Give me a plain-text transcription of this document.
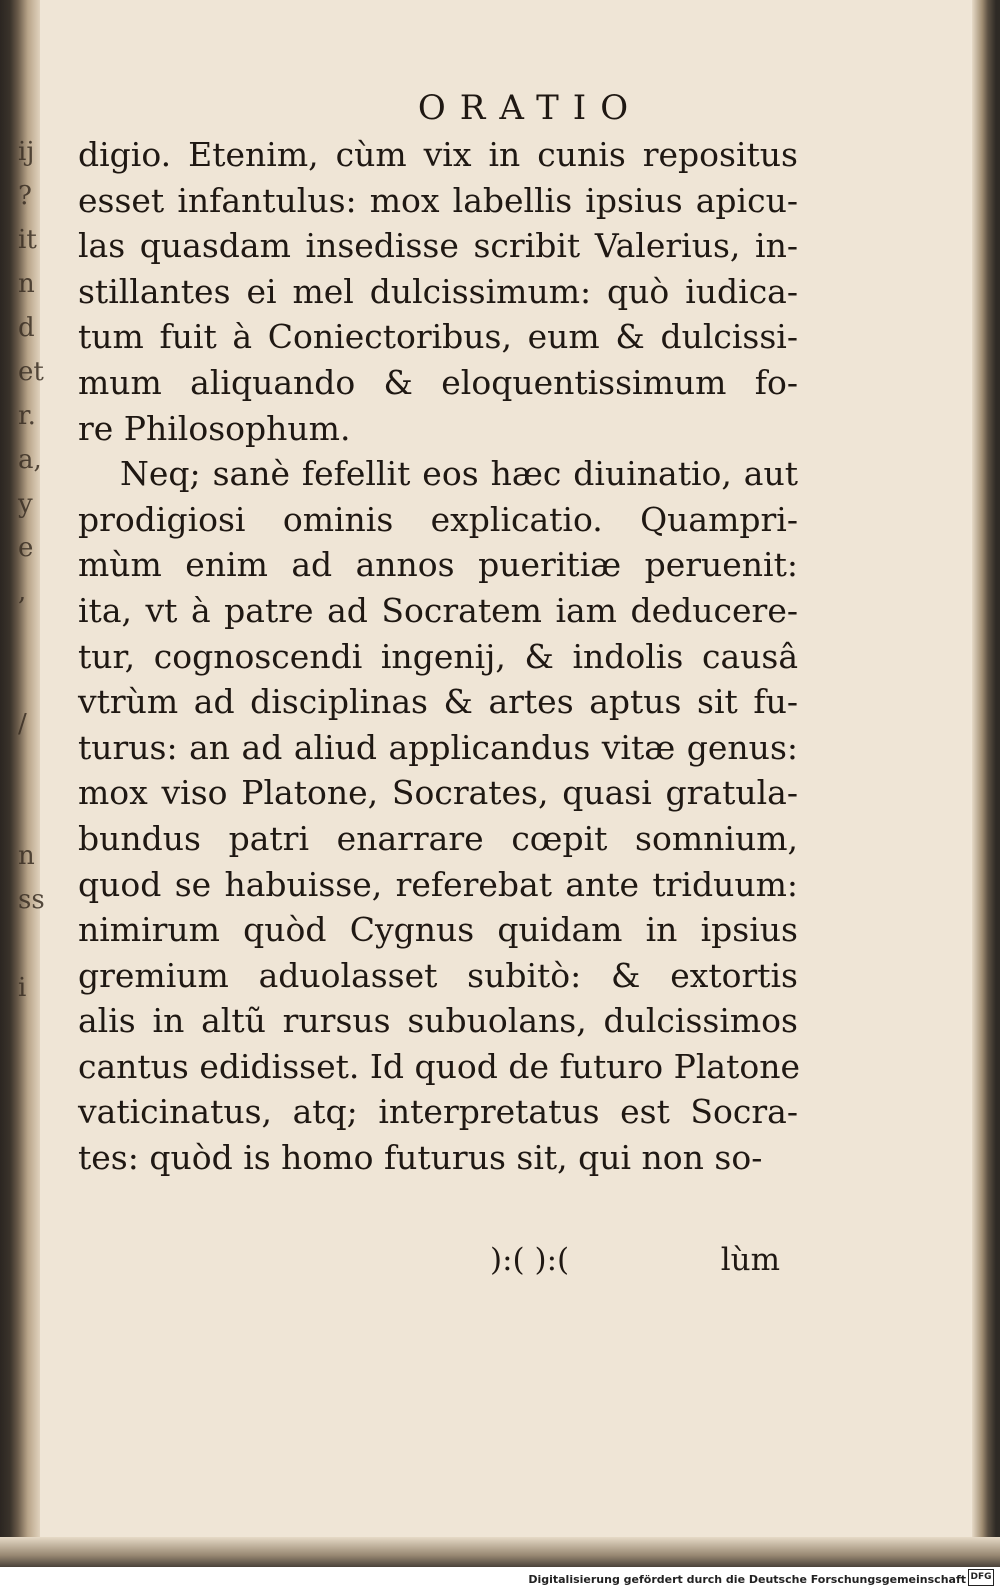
ij
?
it
n
d
et
r.
a,
y
e
,
/
n
ss
i
ORATIO
digio. Etenim, cùm vix in cunis repositus
esset infantulus: mox labellis ipsius apicu-
las quasdam insedisse scribit Valerius, in-
stillantes ei mel dulcissimum: quò iudica-
tum fuit à Coniectoribus, eum & dulcissi-
mum aliquando & eloquentissimum fo-
re Philosophum.
Neq; sanè fefellit eos hæc diuinatio, aut
prodigiosi ominis explicatio. Quampri-
mùm enim ad annos pueritiæ peruenit:
ita, vt à patre ad Socratem iam deducere-
tur, cognoscendi ingenij, & indolis causâ
vtrùm ad disciplinas & artes aptus sit fu-
turus: an ad aliud applicandus vitæ genus:
mox viso Platone, Socrates, quasi gratula-
bundus patri enarrare cœpit somnium,
quod se habuisse, referebat ante triduum:
nimirum quòd Cygnus quidam in ipsius
gremium aduolasset subitò: & extortis
alis in altũ rursus subuolans, dulcissimos
cantus edidisset. Id quod de futuro Platone
vaticinatus, atq; interpretatus est Socra-
tes: quòd is homo futurus sit, qui non so-
):( ):(	lùm
Digitalisierung gefördert durch die Deutsche Forschungsgemeinschaft DFG
